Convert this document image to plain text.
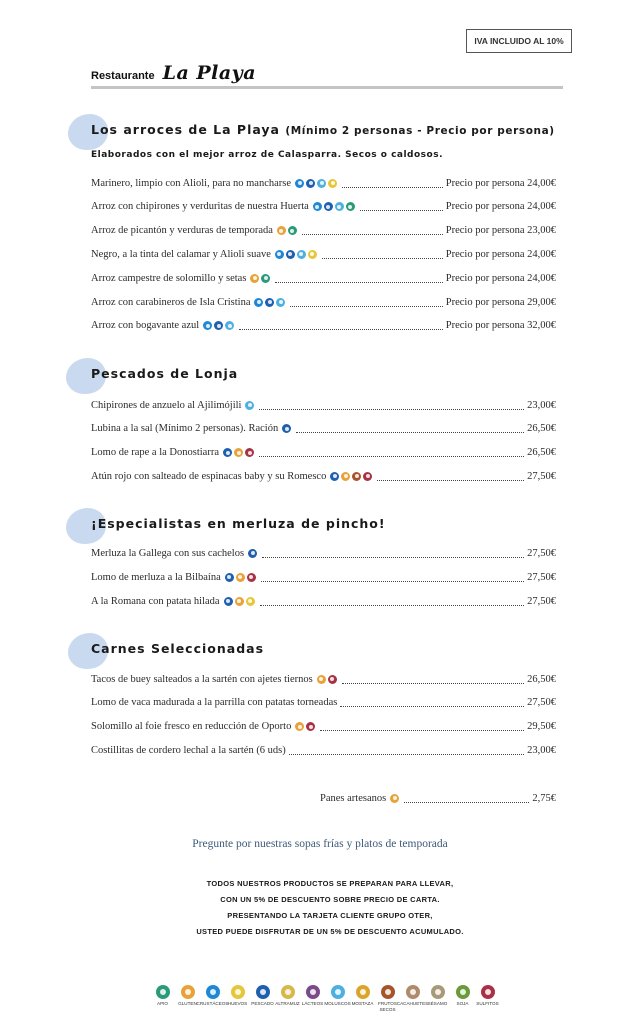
IVA INCLUIDO AL 10%
Restaurante La Playa
Los arroces de La Playa (Mínimo 2 personas - Precio por persona)
Elaborados con el mejor arroz de Calasparra. Secos o caldosos.
Marinero, limpio con Alioli, para no mancharse	Precio por persona 24,00€
Arroz con chipirones y verduritas de nuestra Huerta	Precio por persona 24,00€
Arroz de picantón y verduras de temporada	Precio por persona 23,00€
Negro, a la tinta del calamar y Alioli suave	Precio por persona 24,00€
Arroz campestre de solomillo y setas	Precio por persona 24,00€
Arroz con carabineros de Isla Cristina	Precio por persona 29,00€
Arroz con bogavante azul	Precio por persona 32,00€
Pescados de Lonja
Chipirones de anzuelo al Ajilimójili	23,00€
Lubina a la sal (Mínimo 2 personas). Ración	26,50€
Lomo de rape a la Donostiarra	26,50€
Atún rojo con salteado de espinacas baby y su Romesco	27,50€
¡Especialistas en merluza de pincho!
Merluza la Gallega con sus cachelos	27,50€
Lomo de merluza a la Bilbaína	27,50€
A la Romana con patata hilada	27,50€
Carnes Seleccionadas
Tacos de buey salteados a la sartén con ajetes tiernos	26,50€
Lomo de vaca madurada a la parrilla con patatas torneadas	27,50€
Solomillo al foie fresco en reducción de Oporto	29,50€
Costillitas de cordero lechal a la sartén (6 uds)	23,00€
Panes artesanos	2,75€
Pregunte por nuestras sopas frías y platos de temporada
TODOS NUESTROS PRODUCTOS SE PREPARAN PARA LLEVAR,
CON UN 5% DE DESCUENTO SOBRE PRECIO DE CARTA.
PRESENTANDO LA TARJETA CLIENTE GRUPO OTER,
USTED PUEDE DISFRUTAR DE UN 5% DE DESCUENTO ACUMULADO.
APIO GLUTEN CRUSTÁCEOS HUEVOS PESCADO ALTRAMUZ LÁCTEOS MOLUSCOS MOSTAZA	FRUTOS SECOS
CACAHUETES SÉSAMO SOJA SULFITOS
